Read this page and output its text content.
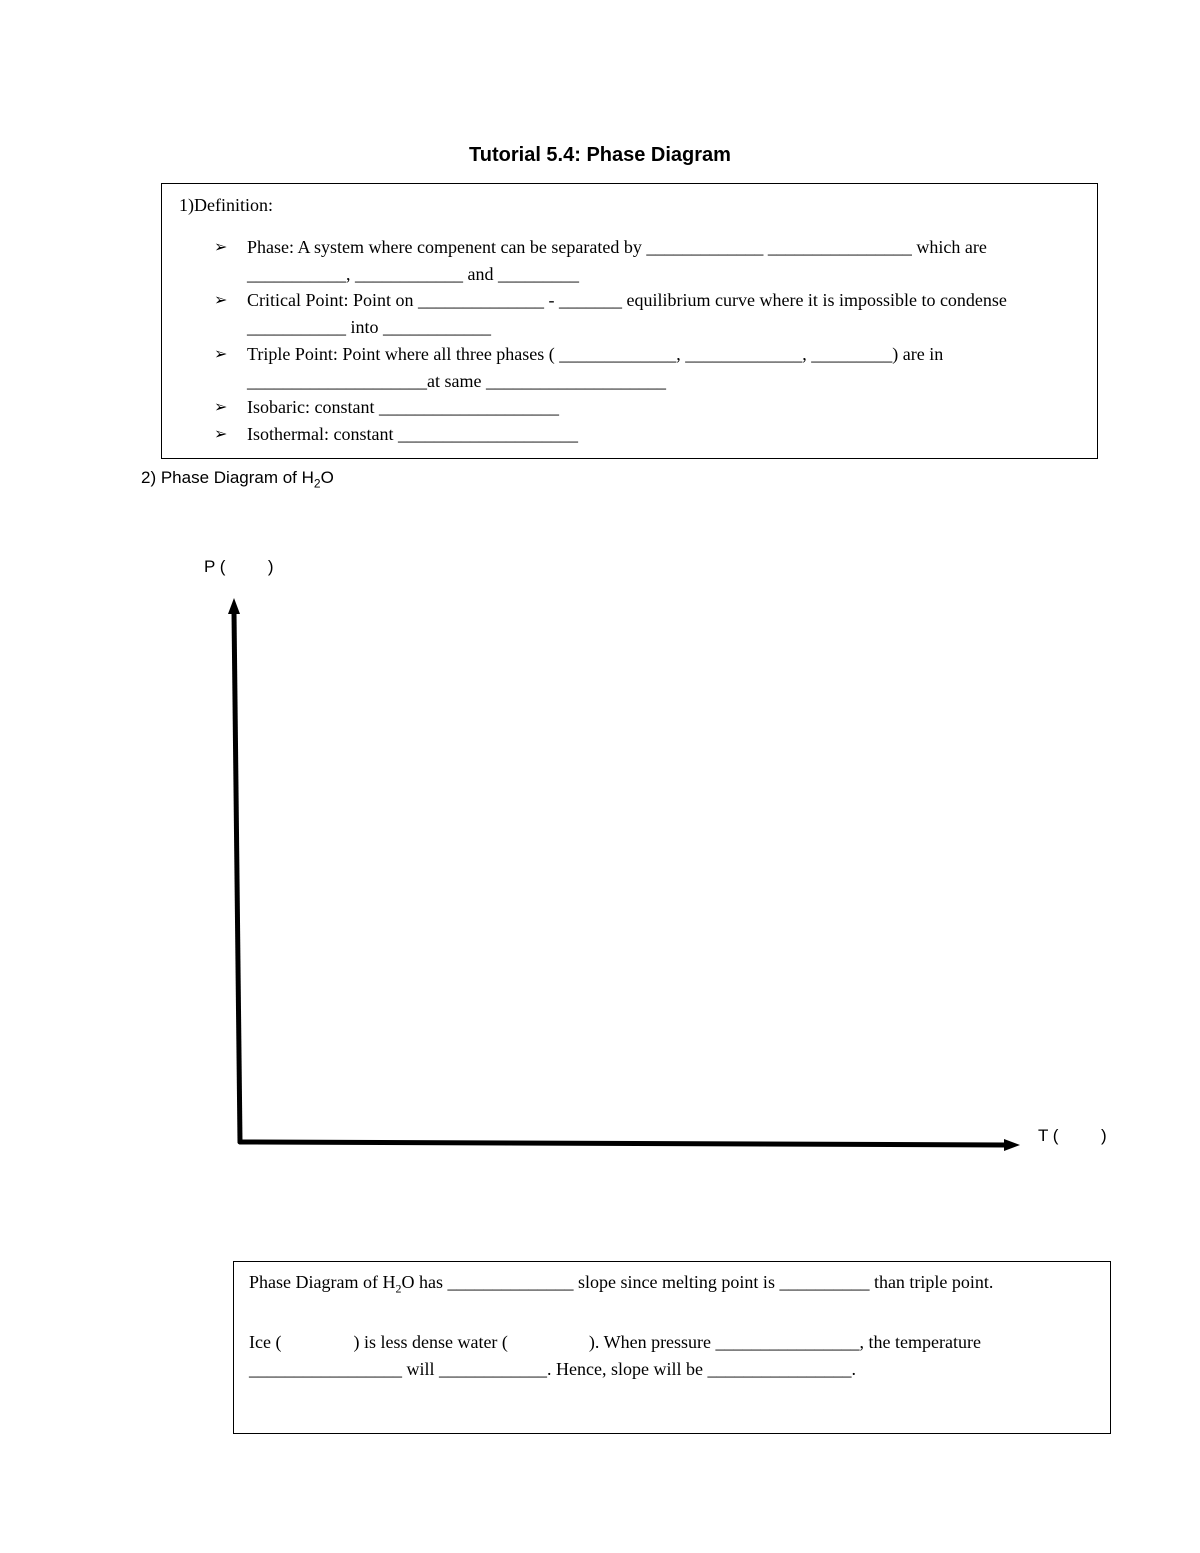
Tutorial 5.4: Phase Diagram
1)Definition:
➢ Phase: A system where compenent can be separated by _____________ ________________ which are ___________, ____________ and _________
➢ Critical Point: Point on ______________ - _______ equilibrium curve where it is impossible to condense ___________ into ____________
➢ Triple Point: Point where all three phases ( _____________, _____________, _________) are in ____________________at same ____________________
➢ Isobaric: constant ____________________
➢ Isothermal: constant ____________________
2) Phase Diagram of $H_2O$
P (         )
T (         )

Phase Diagram of $H_2O$ has ______________ slope since melting point is __________ than triple point.

Ice (                ) is less dense water (                  ). When pressure ________________, the temperature _________________ will ____________. Hence, slope will be ________________.
